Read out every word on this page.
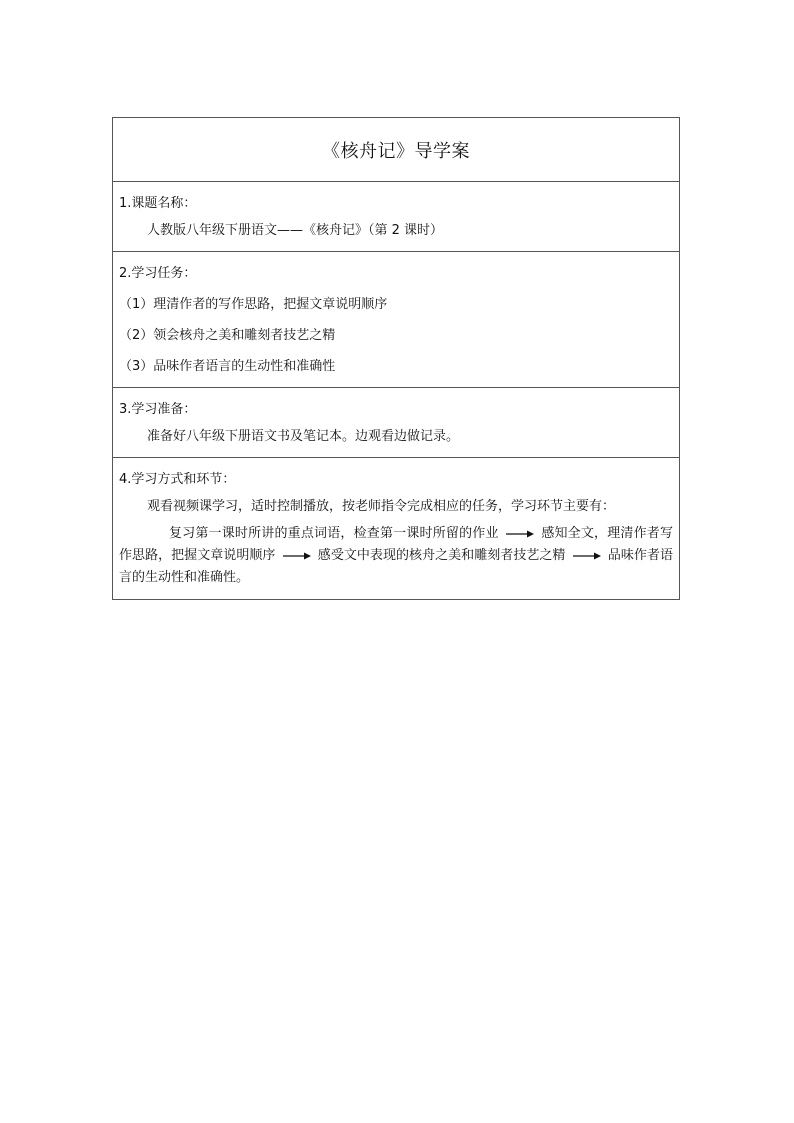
《核舟记》导学案
1.课题名称：
人教版八年级下册语文——《核舟记》（第 2 课时）
2.学习任务：
（1）理清作者的写作思路，把握文章说明顺序
（2）领会核舟之美和雕刻者技艺之精
（3）品味作者语言的生动性和准确性
3.学习准备：
准备好八年级下册语文书及笔记本。边观看边做记录。
4.学习方式和环节：
观看视频课学习，适时控制播放，按老师指令完成相应的任务，学习环节主要有：
复习第一课时所讲的重点词语，检查第一课时所留的作业	感知全文，理清作者写作思路，把握文章说明顺序	感受文中表现的核舟之美和雕刻者技艺之精	品味作者语言的生动性和准确性。
